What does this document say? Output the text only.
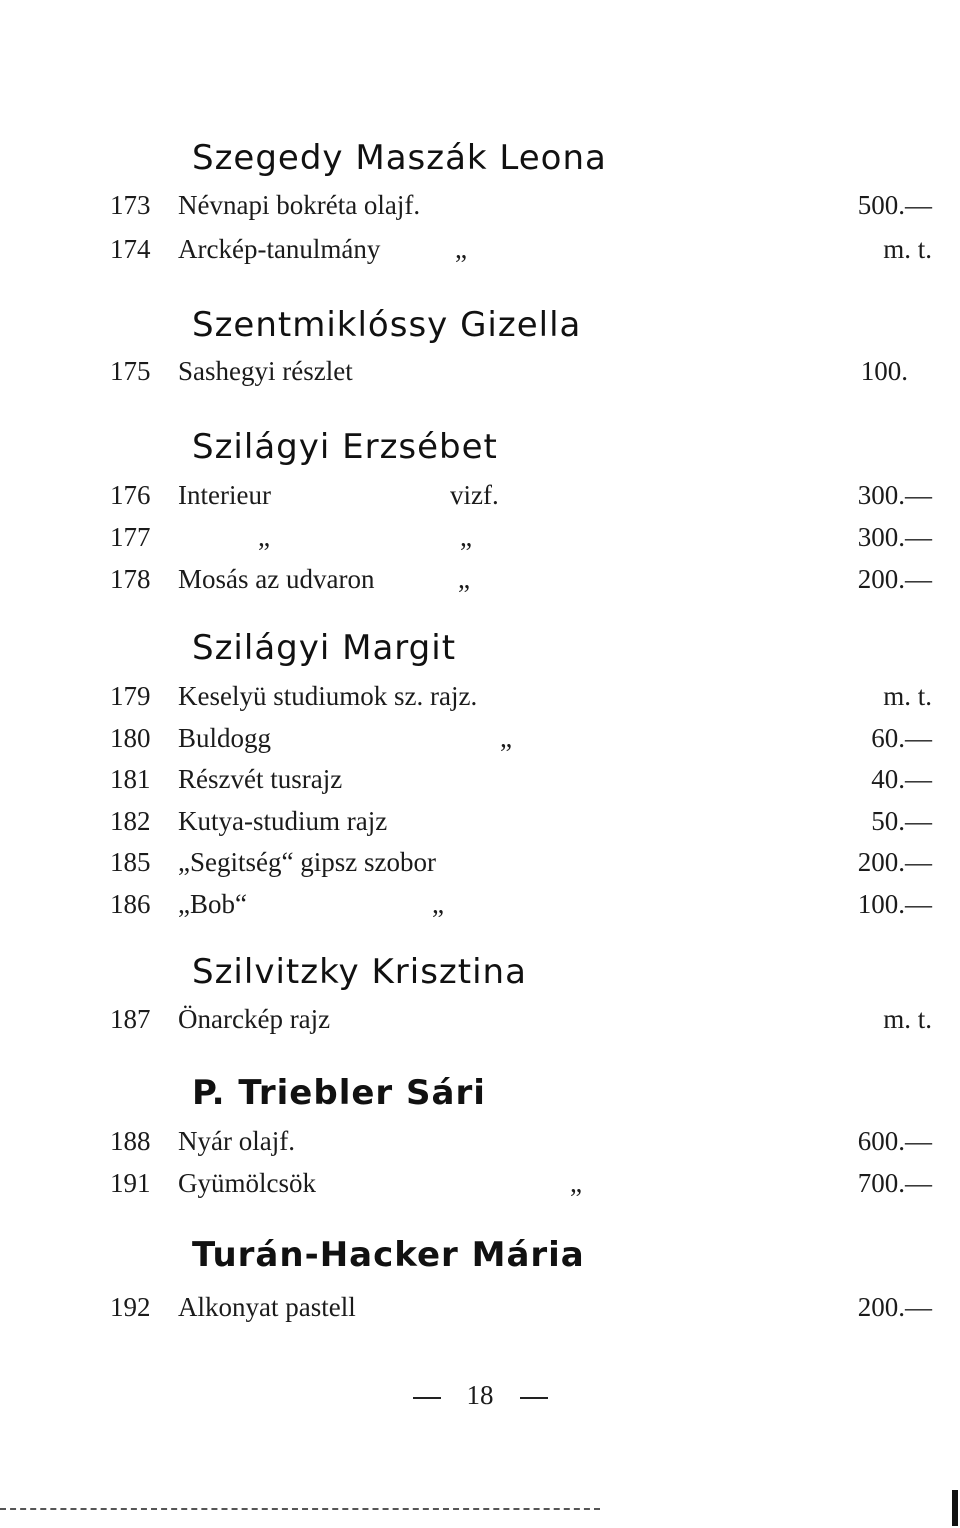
Szegedy Maszák Leona
173 Névnapi bokréta olajf.	500.—
174 Arckép-tanulmány	„	m. t.
Szentmiklóssy Gizella
175 Sashegyi részlet	100.
Szilágyi Erzsébet
176 Interieur	vizf.	300.—
177	„	„	300.—
178 Mosás az udvaron	„	200.—
Szilágyi Margit
179 Keselyü studiumok sz. rajz.	m. t.
180 Buldogg	„	60.—
181 Részvét tusrajz	40.—
182 Kutya-studium rajz	50.—
185 „Segitség“ gipsz szobor	200.—
186 „Bob“	„	100.—
Szilvitzky Krisztina
187 Önarckép rajz	m. t.
P. Triebler Sári
188 Nyár olajf.	600.—
191 Gyümölcsök	„	700.—
Turán-Hacker Mária
192 Alkonyat pastell	200.—
18
